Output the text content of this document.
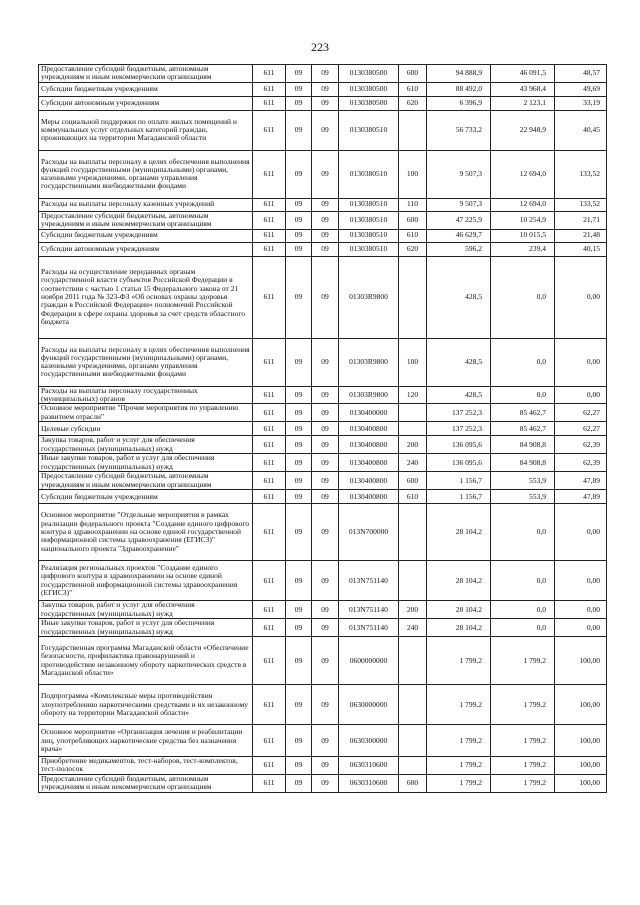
223
Предоставление субсидий бюджетным, автономным учреждениям и иным некоммерческим организациям	611	09	09	0130380500	600	94 888,9	46 091,5	48,57
Субсидии бюджетным учреждениям	611	09	09	0130380500	610	88 492,0	43 968,4	49,69
Субсидии автономным учреждениям	611	09	09	0130380500	620	6 396,9	2 123,1	33,19
Меры социальной поддержки по оплате жилых помещений и коммунальных услуг отдельных категорий граждан, проживающих на территории Магаданской области	611	09	09	0130380510		56 733,2	22 948,9	40,45
Расходы на выплаты персоналу в целях обеспечения выполнения функций государственными (муниципальными) органами, казенными учреждениями, органами управления государственными внебюджетными фондами	611	09	09	0130380510	100	9 507,3	12 694,0	133,52
Расходы на выплаты персоналу казенных учреждений	611	09	09	0130380510	110	9 507,3	12 694,0	133,52
Предоставление субсидий бюджетным, автономным учреждениям и иным некоммерческим организациям	611	09	09	0130380510	600	47 225,9	10 254,9	21,71
Субсидии бюджетным учреждениям	611	09	09	0130380510	610	46 629,7	10 015,5	21,48
Субсидии автономным учреждениям	611	09	09	0130380510	620	596,2	239,4	40,15
Расходы на осуществление переданных органам государственной власти субъектов Российской Федерации в соответствии с частью 1 статьи 15 Федерального закона от 21 ноября 2011 года № 323-ФЗ «Об основах охраны здоровья граждан в Российской Федерации» полномочий Российской Федерации в сфере охраны здоровья за счет средств областного бюджета	611	09	09	01303R9800		428,5	0,0	0,00
Расходы на выплаты персоналу в целях обеспечения выполнения функций государственными (муниципальными) органами, казенными учреждениями, органами управления государственными внебюджетными фондами	611	09	09	01303R9800	100	428,5	0,0	0,00
Расходы на выплаты персоналу государственных (муниципальных) органов	611	09	09	01303R9800	120	428,5	0,0	0,00
Основное мероприятие "Прочие мероприятия по управлению развитием отрасли"	611	09	09	0130400000		137 252,3	85 462,7	62,27
Целевые субсидии	611	09	09	0130400800		137 252,3	85 462,7	62,27
Закупка товаров, работ и услуг для обеспечения государственных (муниципальных) нужд	611	09	09	0130400800	200	136 095,6	84 908,8	62,39
Иные закупки товаров, работ и услуг для обеспечения государственных (муниципальных) нужд	611	09	09	0130400800	240	136 095,6	84 908,8	62,39
Предоставление субсидий бюджетным, автономным учреждениям и иным некоммерческим организациям	611	09	09	0130400800	600	1 156,7	553,9	47,89
Субсидии бюджетным учреждениям	611	09	09	0130400800	610	1 156,7	553,9	47,89
Основное мероприятие "Отдельные мероприятия в рамках реализации федерального проекта "Создание единого цифрового контура в здравоохранении на основе единой государственной информационной системы здравоохранения (ЕГИСЗ)" национального проекта "Здравоохранение"	611	09	09	013N700000		28 104,2	0,0	0,00
Реализация региональных проектов "Создание единого цифрового контура в здравоохранении на основе единой государственной информационной системы здравоохранения (ЕГИСЗ)"	611	09	09	013N751140		28 104,2	0,0	0,00
Закупка товаров, работ и услуг для обеспечения государственных (муниципальных) нужд	611	09	09	013N751140	200	28 104,2	0,0	0,00
Иные закупки товаров, работ и услуг для обеспечения государственных (муниципальных) нужд	611	09	09	013N751140	240	28 104,2	0,0	0,00
Государственная программа Магаданской области «Обеспечение безопасности, профилактика правонарушений и противодействие незаконному обороту наркотических средств в Магаданской области»	611	09	09	0600000000		1 799,2	1 799,2	100,00
Подпрограмма «Комплексные меры противодействия злоупотреблению наркотическими средствами и их незаконному обороту на территории Магаданской области»	611	09	09	0630000000		1 799,2	1 799,2	100,00
Основное мероприятие «Организация лечения и реабилитации лиц, употребляющих наркотические средства без назначения врача»	611	09	09	0630300000		1 799,2	1 799,2	100,00
Приобретение медикаментов, тест-наборов, тест-комплектов, тест-полосок	611	09	09	0630310600		1 799,2	1 799,2	100,00
Предоставление субсидий бюджетным, автономным учреждениям и иным некоммерческим организациям	611	09	09	0630310600	600	1 799,2	1 799,2	100,00
